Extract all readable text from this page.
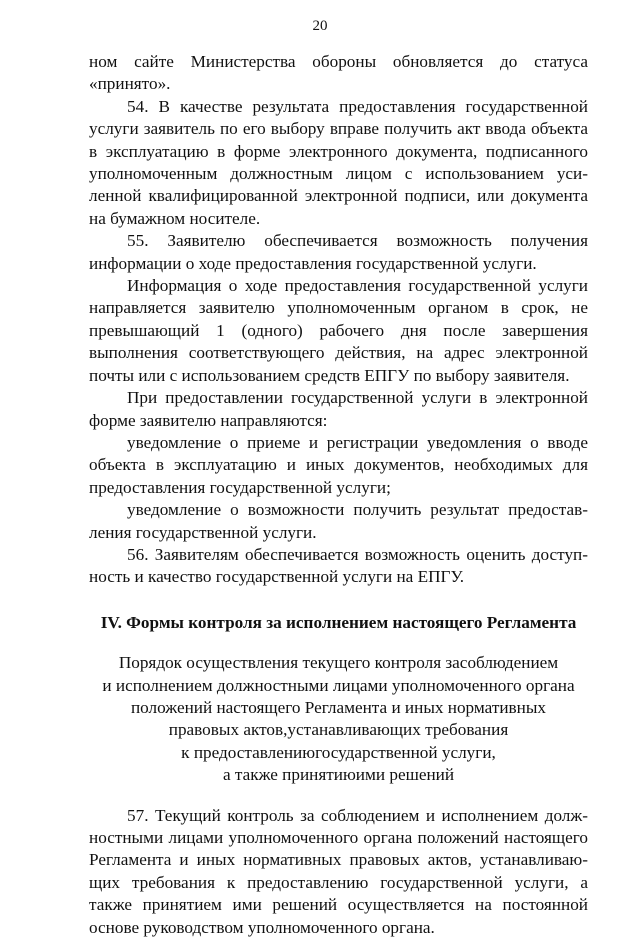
20

ном сайте Министерства обороны обновляется до статуса «принято».

54. В качестве результата предоставления государственной услуги заявитель по его выбору вправе получить акт ввода объекта в эксплуатацию в форме электронного документа, подписанного уполномоченным должностным лицом с использованием усиленной квалифицированной электронной подписи, или документа на бумажном носителе.

55. Заявителю обеспечивается возможность получения информации о ходе предоставления государственной услуги.

Информация о ходе предоставления государственной услуги направляется заявителю уполномоченным органом в срок, не превышающий 1 (одного) рабочего дня после завершения выполнения соответствующего действия, на адрес электронной почты или с использованием средств ЕПГУ по выбору заявителя.

При предоставлении государственной услуги в электронной форме заявителю направляются:

уведомление о приеме и регистрации уведомления о вводе объекта в эксплуатацию и иных документов, необходимых для предоставления государственной услуги;

уведомление о возможности получить результат предоставления государственной услуги.

56. Заявителям обеспечивается возможность оценить доступность и качество государственной услуги на ЕПГУ.

IV. Формы контроля за исполнением настоящего Регламента
Порядок осуществления текущего контроля засоблюдением
и исполнением должностными лицами уполномоченного органа
положений настоящего Регламента и иных нормативных
правовых актов,устанавливающих требования
к предоставлениюгосударственной услуги,
а также принятиюими решений

57. Текущий контроль за соблюдением и исполнением должностными лицами уполномоченного органа положений настоящего Регламента и иных нормативных правовых актов, устанавливающих требования к предоставлению государственной услуги, а также принятием ими решений осуществляется на постоянной основе руководством уполномоченного органа.
